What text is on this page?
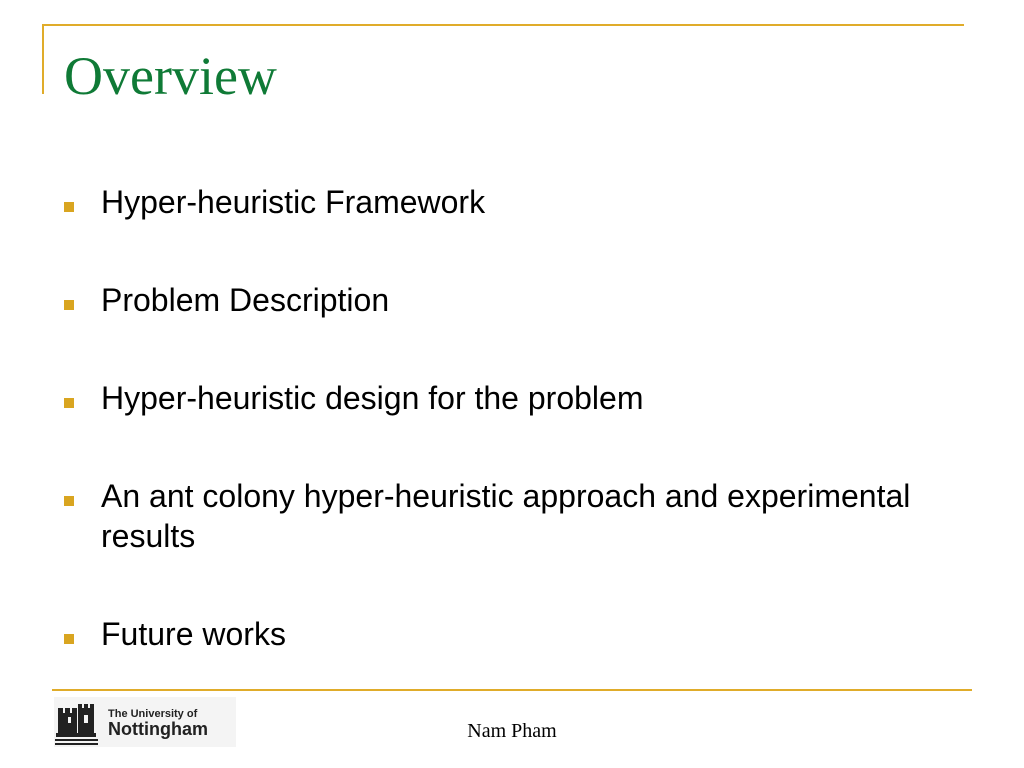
Overview
Hyper-heuristic Framework
Problem Description
Hyper-heuristic design for the problem
An ant colony hyper-heuristic approach and experimental results
Future works
The University of
Nottingham	Nam Pham
